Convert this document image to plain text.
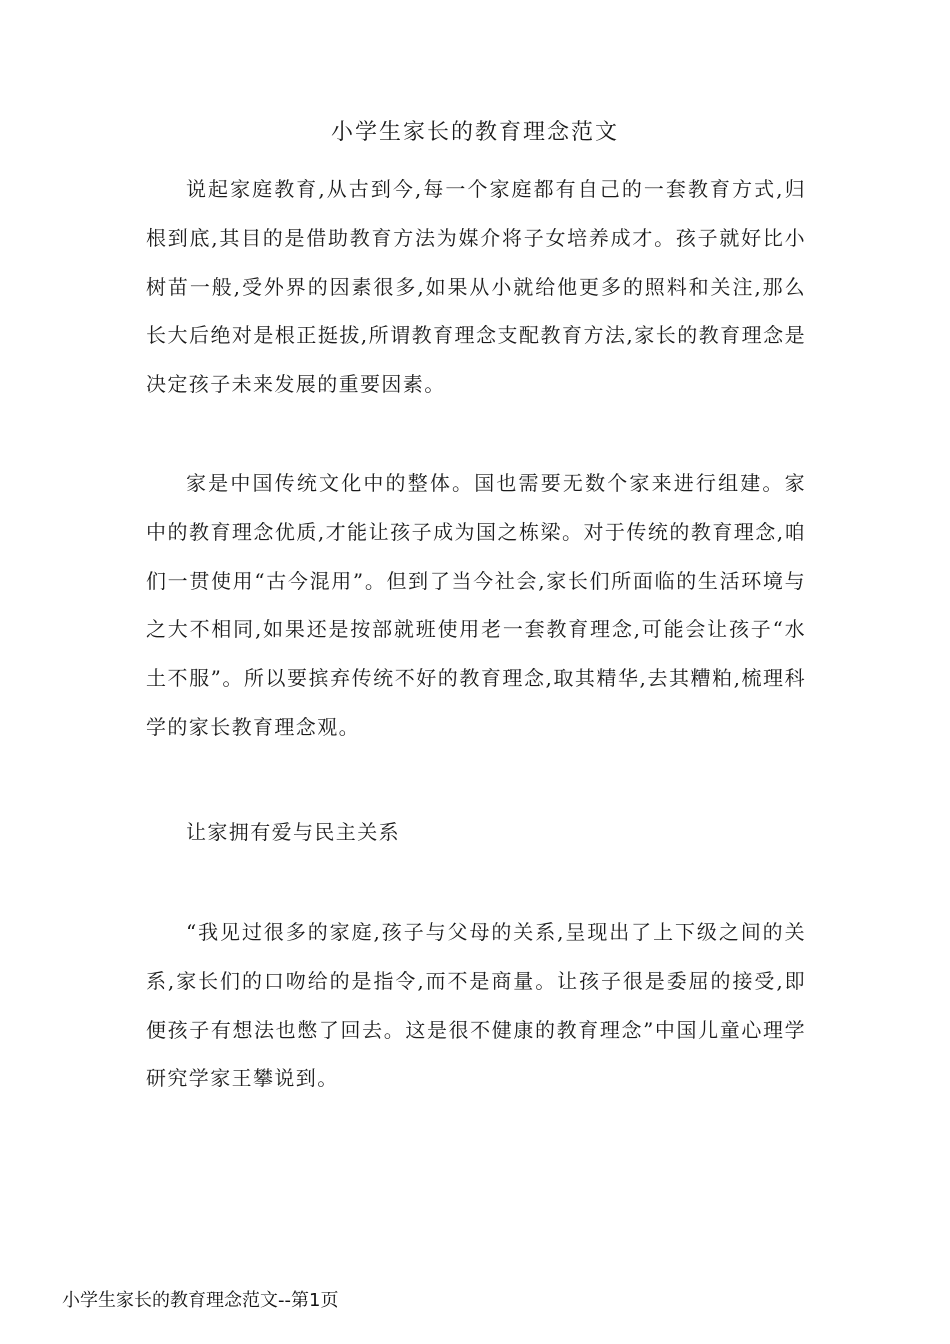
小学生家长的教育理念范文

说起家庭教育,从古到今,每一个家庭都有自己的一套教育方式,归根到底,其目的是借助教育方法为媒介将子女培养成才。孩子就好比小树苗一般,受外界的因素很多,如果从小就给他更多的照料和关注,那么长大后绝对是根正挺拔,所谓教育理念支配教育方法,家长的教育理念是决定孩子未来发展的重要因素。

家是中国传统文化中的整体。国也需要无数个家来进行组建。家中的教育理念优质,才能让孩子成为国之栋梁。对于传统的教育理念,咱们一贯使用“古今混用”。但到了当今社会,家长们所面临的生活环境与之大不相同,如果还是按部就班使用老一套教育理念,可能会让孩子“水土不服”。所以要摈弃传统不好的教育理念,取其精华,去其糟粕,梳理科学的家长教育理念观。

让家拥有爱与民主关系

“我见过很多的家庭,孩子与父母的关系,呈现出了上下级之间的关系,家长们的口吻给的是指令,而不是商量。让孩子很是委屈的接受,即便孩子有想法也憋了回去。这是很不健康的教育理念”中国儿童心理学研究学家王攀说到。

小学生家长的教育理念范文--第1页
